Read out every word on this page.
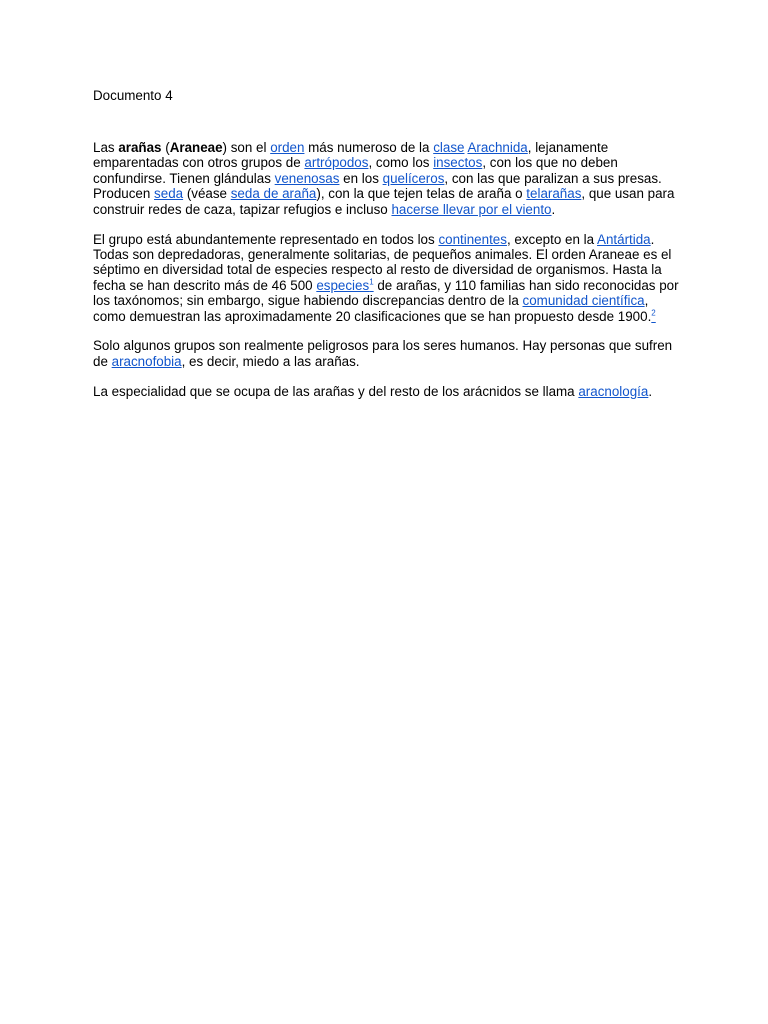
Documento 4

Las arañas (Araneae) son el orden más numeroso de la clase Arachnida, lejanamente emparentadas con otros grupos de artrópodos, como los insectos, con los que no deben confundirse. Tienen glándulas venenosas en los quelíceros, con las que paralizan a sus presas. Producen seda (véase seda de araña), con la que tejen telas de araña o telarañas, que usan para construir redes de caza, tapizar refugios e incluso hacerse llevar por el viento.

El grupo está abundantemente representado en todos los continentes, excepto en la Antártida. Todas son depredadoras, generalmente solitarias, de pequeños animales. El orden Araneae es el séptimo en diversidad total de especies respecto al resto de diversidad de organismos. Hasta la fecha se han descrito más de 46 500 especies$^1$ de arañas, y 110 familias han sido reconocidas por los taxónomos; sin embargo, sigue habiendo discrepancias dentro de la comunidad científica, como demuestran las aproximadamente 20 clasificaciones que se han propuesto desde 1900.$^2$

Solo algunos grupos son realmente peligrosos para los seres humanos. Hay personas que sufren de aracnofobia, es decir, miedo a las arañas.

La especialidad que se ocupa de las arañas y del resto de los arácnidos se llama aracnología.
